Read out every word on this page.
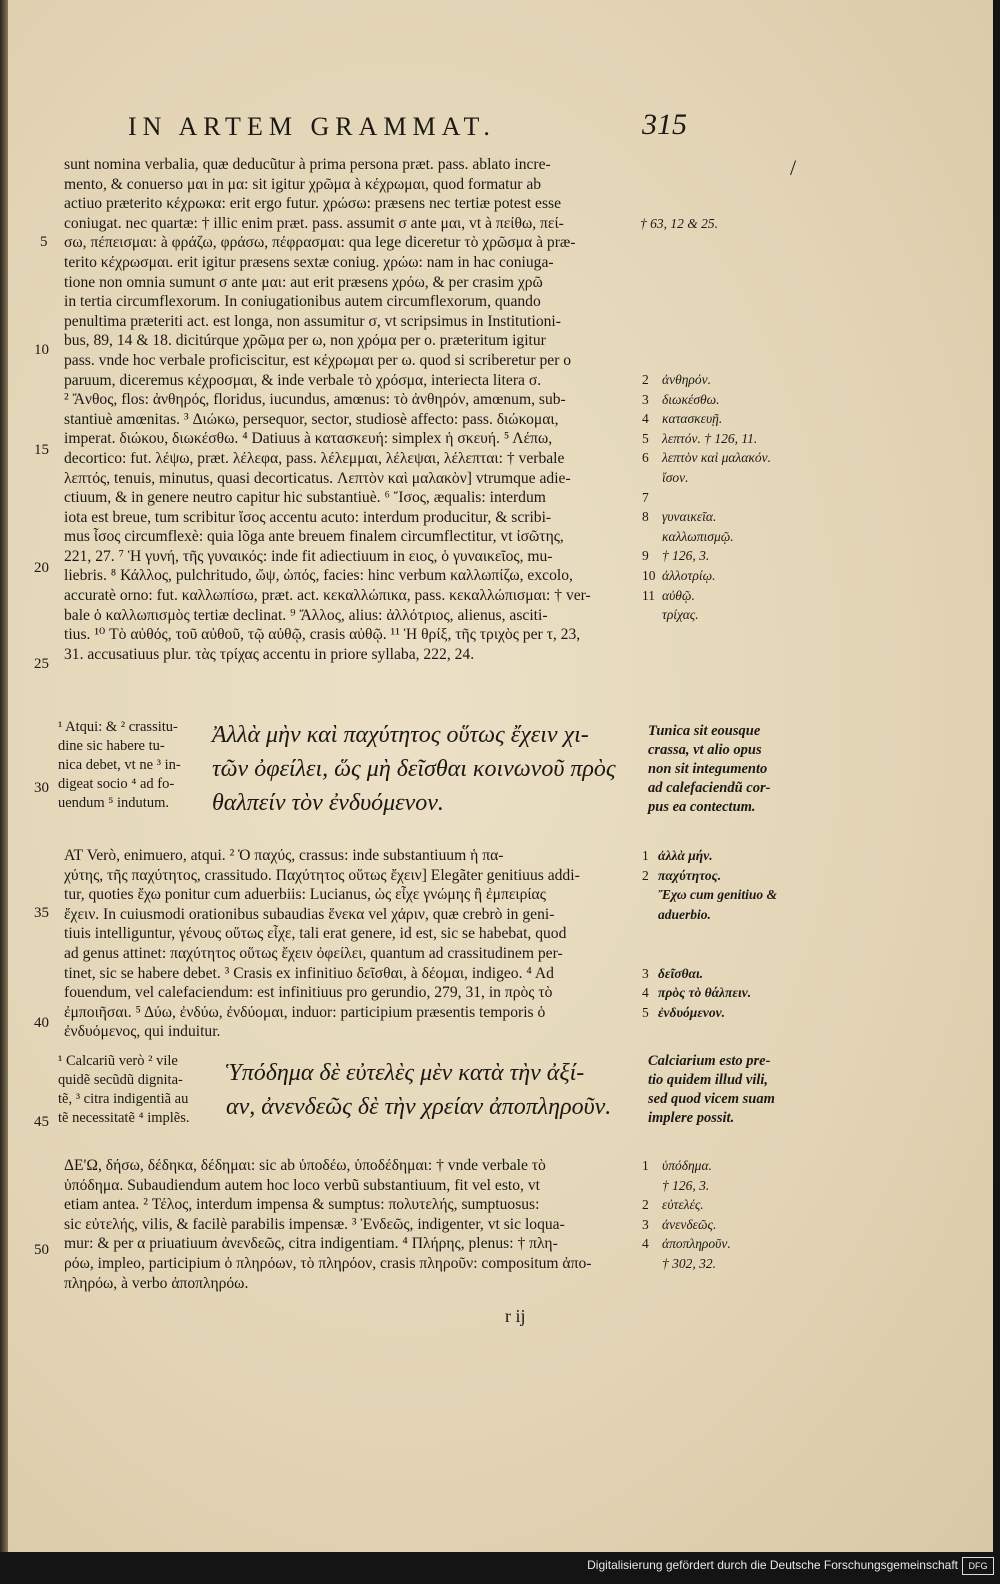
IN ARTEM GRAMMAT.	315
/
5
10
15
20
25
30
35
40
45
50
sunt nomina verbalia, quæ deducũtur à prima persona præt. pass. ablato incre-
mento, & conuerso μαι in μα: sit igitur χρῶμα à κέχρωμαι, quod formatur ab
actiuo præterito κέχρωκα: erit ergo futur. χρώσω: præsens nec tertiæ potest esse
coniugat. nec quartæ: † illic enim præt. pass. assumit σ ante μαι, vt à πείθω, πεί-
σω, πέπεισμαι: à φράζω, φράσω, πέφρασμαι: qua lege diceretur τὸ χρῶσμα à præ-
terito κέχρωσμαι. erit igitur præsens sextæ coniug. χρώω: nam in hac coniuga-
tione non omnia sumunt σ ante μαι: aut erit præsens χρόω, & per crasim χρῶ
in tertia circumflexorum. In coniugationibus autem circumflexorum, quando
penultima præteriti act. est longa, non assumitur σ, vt scripsimus in Institutioni-
bus, 89, 14 & 18. dicitúrque χρῶμα per ω, non χρόμα per ο. præteritum igitur
pass. vnde hoc verbale proficiscitur, est κέχρωμαι per ω. quod si scriberetur per ο
paruum, diceremus κέχροσμαι, & inde verbale τὸ χρόσμα, interiecta litera σ.
² Ἄνθος, flos: ἀνθηρός, floridus, iucundus, amœnus: τὸ ἀνθηρόν, amœnum, sub-
stantiuè amœnitas. ³ Διώκω, persequor, sector, studiosè affecto: pass. διώκομαι,
imperat. διώκου, διωκέσθω. ⁴ Datiuus à κατασκευή: simplex ἡ σκευή. ⁵ Λέπω,
decortico: fut. λέψω, præt. λέλεφα, pass. λέλεμμαι, λέλεψαι, λέλεπται: † verbale
λεπτός, tenuis, minutus, quasi decorticatus. Λεπτὸν καὶ μαλακὸν] vtrumque adie-
ctiuum, & in genere neutro capitur hic substantiuè. ⁶ Ἴσος, æqualis: interdum
iota est breue, tum scribitur ἴσος accentu acuto: interdum producitur, & scribi-
mus ἶσος circumflexè: quia lõga ante breuem finalem circumflectitur, vt ἰσῶτης,
221, 27. ⁷ Ἡ γυνή, τῆς γυναικός: inde fit adiectiuum in ειος, ὁ γυναικεῖος, mu-
liebris. ⁸ Κάλλος, pulchritudo, ὤψ, ὠπός, facies: hinc verbum καλλωπίζω, excolo,
accuratè orno: fut. καλλωπίσω, præt. act. κεκαλλώπικα, pass. κεκαλλώπισμαι: † ver-
bale ὁ καλλωπισμὸς tertiæ declinat. ⁹ Ἄλλος, alius: ἀλλότριος, alienus, asciti-
tius. ¹⁰ Τὸ αὐθός, τοῦ αὐθοῦ, τῷ αὐθῷ, crasis αὐθῷ. ¹¹ Ἡ θρίξ, τῆς τριχὸς per τ, 23,
31. accusatiuus plur. τὰς τρίχας accentu in priore syllaba, 222, 24.
2
3
4
5
6
7
8
9
10
11
† 63, 12 & 25.
ἀνθηρόν.
διωκέσθω.
κατασκευῇ.
λεπτόν. † 126, 11.
λεπτὸν καὶ μαλακόν.
ἴσον.
γυναικεῖα.
καλλωπισμῷ.
† 126, 3.
ἀλλοτρίῳ.
αὐθῷ.
τρίχας.
¹ Atqui: & ² crassitu-
dine sic habere tu-
nica debet, vt ne ³ in-
digeat socio ⁴ ad fo-
uendum ⁵ indutum.
Ἀλλὰ μὴν καὶ παχύτητος οὕτως ἔχειν χι-
τῶν ὀφείλει, ὥς μὴ δεῖσθαι κοινωνοῦ πρὸς
θαλπείν τὸν ἐνδυόμενον.
Tunica sit eousque
crassa, vt alio opus
non sit integumento
ad calefaciendũ cor-
pus ea contectum.
ΑΤ Verò, enimuero, atqui. ² Ὁ παχύς, crassus: inde substantiuum ἡ πα-
χύτης, τῆς παχύτητος, crassitudo. Παχύτητος οὕτως ἔχειν] Elegãter genitiuus addi-
tur, quoties ἔχω ponitur cum aduerbiis: Lucianus, ὡς εἶχε γνώμης ἢ ἐμπειρίας
ἔχειν. In cuiusmodi orationibus subaudias ἕνεκα vel χάριν, quæ crebrò in geni-
tiuis intelliguntur, γένους οὕτως εἶχε, tali erat genere, id est, sic se habebat, quod
ad genus attinet: παχύτητος οὕτως ἔχειν ὀφείλει, quantum ad crassitudinem per-
tinet, sic se habere debet. ³ Crasis ex infinitiuo δεῖσθαι, à δέομαι, indigeo. ⁴ Ad
fouendum, vel calefaciendum: est infinitiuus pro gerundio, 279, 31, in πρὸς τὸ
ἐμποιῆσαι. ⁵ Δύω, ἐνδύω, ἐνδύομαι, induor: participium præsentis temporis ὁ
ἐνδυόμενος, qui induitur.
1
2
3
4
5
ἀλλὰ μήν.
παχύτητος.
Ἔχω cum genitiuo &
aduerbio.
δεῖσθαι.
πρὸς τὸ θάλπειν.
ἐνδυόμενον.
¹ Calcariũ verò ² vile
quidẽ secũdũ dignita-
tẽ, ³ citra indigentiã au
tẽ necessitatẽ ⁴ implẽs.
Ὑπόδημα δὲ εὐτελὲς μὲν κατὰ τὴν ἀξί-
αν, ἀνενδεῶς δὲ τὴν χρείαν ἀποπληροῦν.
Calciarium esto pre-
tio quidem illud vili,
sed quod vicem suam
implere possit.
ΔΕ'Ω, δήσω, δέδηκα, δέδημαι: sic ab ὑποδέω, ὑποδέδημαι: † vnde verbale τὸ
ὑπόδημα. Subaudiendum autem hoc loco verbũ substantiuum, fit vel esto, vt
etiam antea. ² Τέλος, interdum impensa & sumptus: πολυτελής, sumptuosus:
sic εὐτελής, vilis, & facilè parabilis impensæ. ³ Ἐνδεῶς, indigenter, vt sic loqua-
mur: & per α priuatiuum ἀνενδεῶς, citra indigentiam. ⁴ Πλήρης, plenus: † πλη-
ρόω, impleo, participium ὁ πληρόων, τὸ πληρόον, crasis πληροῦν: compositum ἀπο-
πληρόω, à verbo ἀποπληρόω.
1
2
3
4
ὑπόδημα.
† 126, 3.
εὐτελές.
ἀνενδεῶς.
ἀποπληροῦν.
† 302, 32.
r ij
Digitalisierung gefördert durch die Deutsche Forschungsgemeinschaft	DFG
